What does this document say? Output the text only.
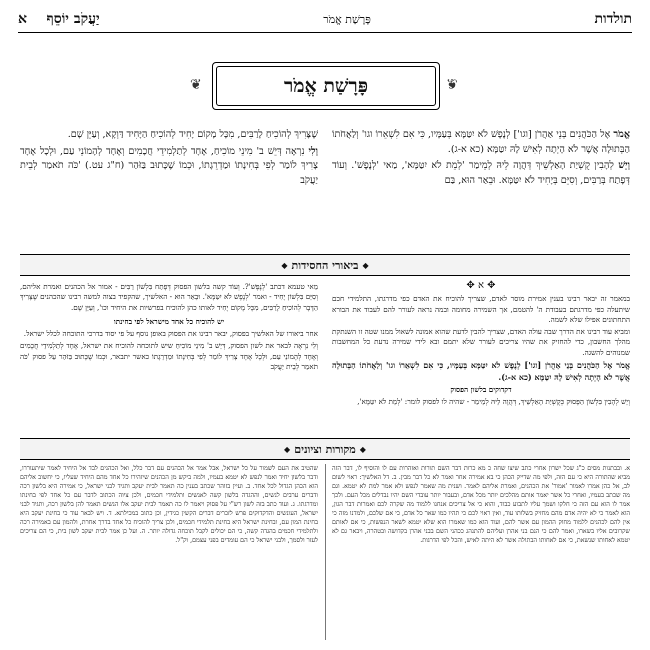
תולדות
פָּרָשַׁת אֱמֹר
יַעֲקֹב יוֹסֵף    א
❦	פָּרָשַׁת אֱמֹר	❦

אֱמֹר אֶל הַכֹּהֲנִים בְּנֵי אַהֲרֹן [וגו'] לְנֶפֶשׁ לֹא יִטַּמָּא בְּעַמָּיו, כִּי אִם לִשְׁאֵרוֹ וגו' וְלַאֲחֹתוֹ הַבְּתוּלָה אֲשֶׁר לֹא הָיְתָה לְאִישׁ לָהּ יִטַּמָּא (כא א-ג).

וְיֵשׁ לְהָבִין קֻשְׁיַת הָאַלְשֵׁיךְ דְּהֲוָה לֵיהּ לְמֵימַר 'לְמֵת לֹא יִטַּמָּא', מַאי 'לְנֶפֶשׁ'. וְעוֹד דְּפָתַח בְּרַבִּים, וְסִיֵּם בְּיָחִיד לֹא יִטַּמָּא. וּבֵאַר הוּא, בַּם

שֶׁצָּרִיךְ לְהוֹכִיחַ לָרַבִּים, מִכָּל מָקוֹם יָחִיד לְהוֹכִיחַ הַיָּחִיד דַּוְקָא, וְעַיֵּן שָׁם.

וְלִי נִרְאֶה דְּיֵשׁ ב' מִינֵי מוֹכִיחַ, אֶחָד לְתַלְמִידֵי חֲכָמִים וְאֶחָד לְהָמוֹנֵי עַם, וּלְכָל אֶחָד צָרִיךְ לוֹמַר לְפִי בְּחִינָתוֹ וּמַדְרֵגָתוֹ, וּכְמוֹ שֶׁכָּתוּב בַּזֹּהַר (ח"ג עט.) 'כֹּה תֹאמַר לְבֵית יַעֲקֹב

◆
ביאורי החסידות
◆
✥ א ✥

במאמר זה יבאר רבינו בענין אמירת מוסר לאדם, שצריך להוכיח את האדם כפי מדרגתו, התלמידי חכם שיתעלה כפי מדרגתם בעבודת ה' להטמם, אך השמירה מחומה ובמה נראה לעורר להם לעבוד את הבורא התחתונים אפילו שלא לשמה.

ומביא עוד רבינו את הדרך שבה עולה האדם, שצריך להבין לדעת שהוא אמונה לשאול ממנו שטה זו השנתקת מהלך החשבון, כדי להחזיק את שהיו צריכים לעורר שלא יתמם ובא לידי שמירה נדעת כל המחשבות שמנוהים להשגה.

אֱמֹר אֶל הַכֹּהֲנִים בְּנֵי אַהֲרֹן [וגו'] לְנֶפֶשׁ לֹא יִטַּמָּא בְּעַמָּיו, כִּי אִם לִשְׁאֵרוֹ וגו' וְלַאֲחֹתוֹ הַבְּתוּלָה אֲשֶׁר לֹא הָיְתָה לְאִישׁ לָהּ יִטַּמָּא (כא א-ג).

דקדוקים בלשון הפסוק

וְיֵשׁ לְהָבִין בִּלְשׁוֹן הַפָּסוּק כְּקֻשְׁיַת הָאַלְשֵׁיךְ, דְּהֲוָה לֵיהּ לְמֵימַר - שהיה לו לפסוק לומר: 'לְמֵת לֹא יִטַּמָּא',

מַאי טעמא דכתב 'לְנֶפֶשׁ'?. וְעוֹד קשה בלשון הפסוק דְּפָתַח בִּלְשׁוֹן רַבִּים - אמור אל הכהנים ואמרת אליהם, וְסִיֵּם בִּלְשׁוֹן יָחִיד - ואמר 'לְנֶפֶשׁ לֹא יִטַּמָּא'. וּבֵאַר הוּא - האלשיך, שהקפיד בצוה למשה רבינו שהכהנים שֶׁצָּרִיךְ הַדָּבָר לְהוֹכִיחַ לָרַבִּים, מִכָּל מָקוֹם יָחִיד לאותו כהן להוכיח בפרשיות את היחיד וכו', וְעַיֵּן שָׁם.

יש להוכיח כל אחד מישראל לפי בחינתו

אחר ביאורו של האלשיך בפסוק, יבאר רבינו את הפסוק באופן נוסף על פי יסוד בדרכי התוכחה לכלל ישראל.

וְלִי נִרְאֶה לבאר את לשון הפסוק, דְּיֵשׁ ב' מִינֵי מוֹכִיחַ שיש לתוכחה להוכיח את ישראל, אֶחָד לְתַלְמִידֵי חֲכָמִים וְאֶחָד לְהָמוֹנֵי עַם, וּלְכָל אֶחָד צָרִיךְ לוֹמַר לְפִי בְּחִינָתוֹ וּמַדְרֵגָתוֹ כאשר יתבאר, וּכְמוֹ שֶׁכָּתוּב בַּזֹּהַר עַל פסוק 'כֹּה תֹאמַר לְבֵית יַעֲקֹב

◆
מקורות וציונים
◆

א. ובבתנות מסים כ"ג שכל ישרון אחרי כתב שיצו שחה כ מא כרות דבר השם תורות ואזהרות עם לו והוסיף לו, דבר הזה מביא שהתורה היא כי עם הזה, ולפי מה שדייק הכהן כי בא אמירה אחר ואמר לא כל דבר מבין. ב. דל האלשיך: ראוי לשום לב, אל כהן אמרו לאמור 'אמור' את הכהנים, ואמרת אליהם לאמר. ושנית מה שאמר לנפש ולא אמר למת לא יטמא. וגם מה שכתב בעמיו, ואחרי כל אשר יאמר אותם מהלכים יותר מכל אדם, ובעבור יותר עובדי השם יהיו נבדלים מכל העם. ולכך אמר לו הוא עם הזה כי חלקו ושמך עליו לתבוע כבוד, והוא כי אל צריכים אנחנו ללמוד מה שקרה לכם ואמרות דבר הגון, הוא לאמר כי לא יהיה אדם מהם מחזיק בשלותו עוד, ואין ראוי לכם כי תהיו כמו שאר כל אדם, כי אם שלכם, ולמדנו מזה כי אין להם לכהנים ללמוד מחוק ההמון עם אשר להם, ועוד הוא כמו שאמרו הוא שלא יטמא לשאר הנפשות, כי אם לאותם שקרובים אליו בשארו, ואמר להם כי הנם בני אהרן ועליהם להתנהג ככהני השם בבני אהרן בקדושה ובטהרה, ויבאר גם לא יטמא לאחותו שנשאת, כי אם לאחותו הבתולה אשר לא היתה לאיש, והכל לפי הדרגות.

שהטיב את העם לשמור על כל ישראל, אבל אמר אל הכהנים עם דבר כלל, ואל הכהנים לבד אל היחיד לאמר שיתעוררו, ודבר בלשון יחיד ואמר לנפש לא יטמא בעמיו, ולמה ביקש מן הכהנים שיזהירו כל אחד מהם היחיד שעליו, כי יחשוב אליהם הוא הכהן הגדול לכל אחד. ב. ועיין בזוהר שכתב בענין כה תאמר לבית יעקב ותגיד לבני ישראל, כי אמירה היא בלשון רכה ודברים ערבים לנשים, וההגדה בלשון קשה לאנשים ותלמידי חכמים, ולכן ציוה הכתוב לדבר עם כל אחד לפי בחינתו ומדרגתו. ג. ועוד כתב בזה לשון רש"י על פסוק ויאמר לו כה תאמר לבית יעקב אלו הנשים תאמר להן בלשון רכה, ותגיד לבני ישראל, העונשים והדקדוקים פרש לזכרים דברים הקשין כגידין, וכן כתוב במכילתא. ד. ויש לבאר עוד כי בחינת יעקב היא בחינת המון עם, ובחינת ישראל היא בחינת תלמידי חכמים, ולכן צריך להוכיח כל אחד בדרך אחרת, ולהמון עם באמירה רכה ולתלמידי חכמים בהגדה קשה, כי הם יכולים לקבל תוכחה גדולה יותר. ה. ועל כן אמר לבית יעקב לשון בית, כי הם צריכים לעזר ולסמך, ולבני ישראל כי הם עומדים בפני עצמם, וק"ל.
